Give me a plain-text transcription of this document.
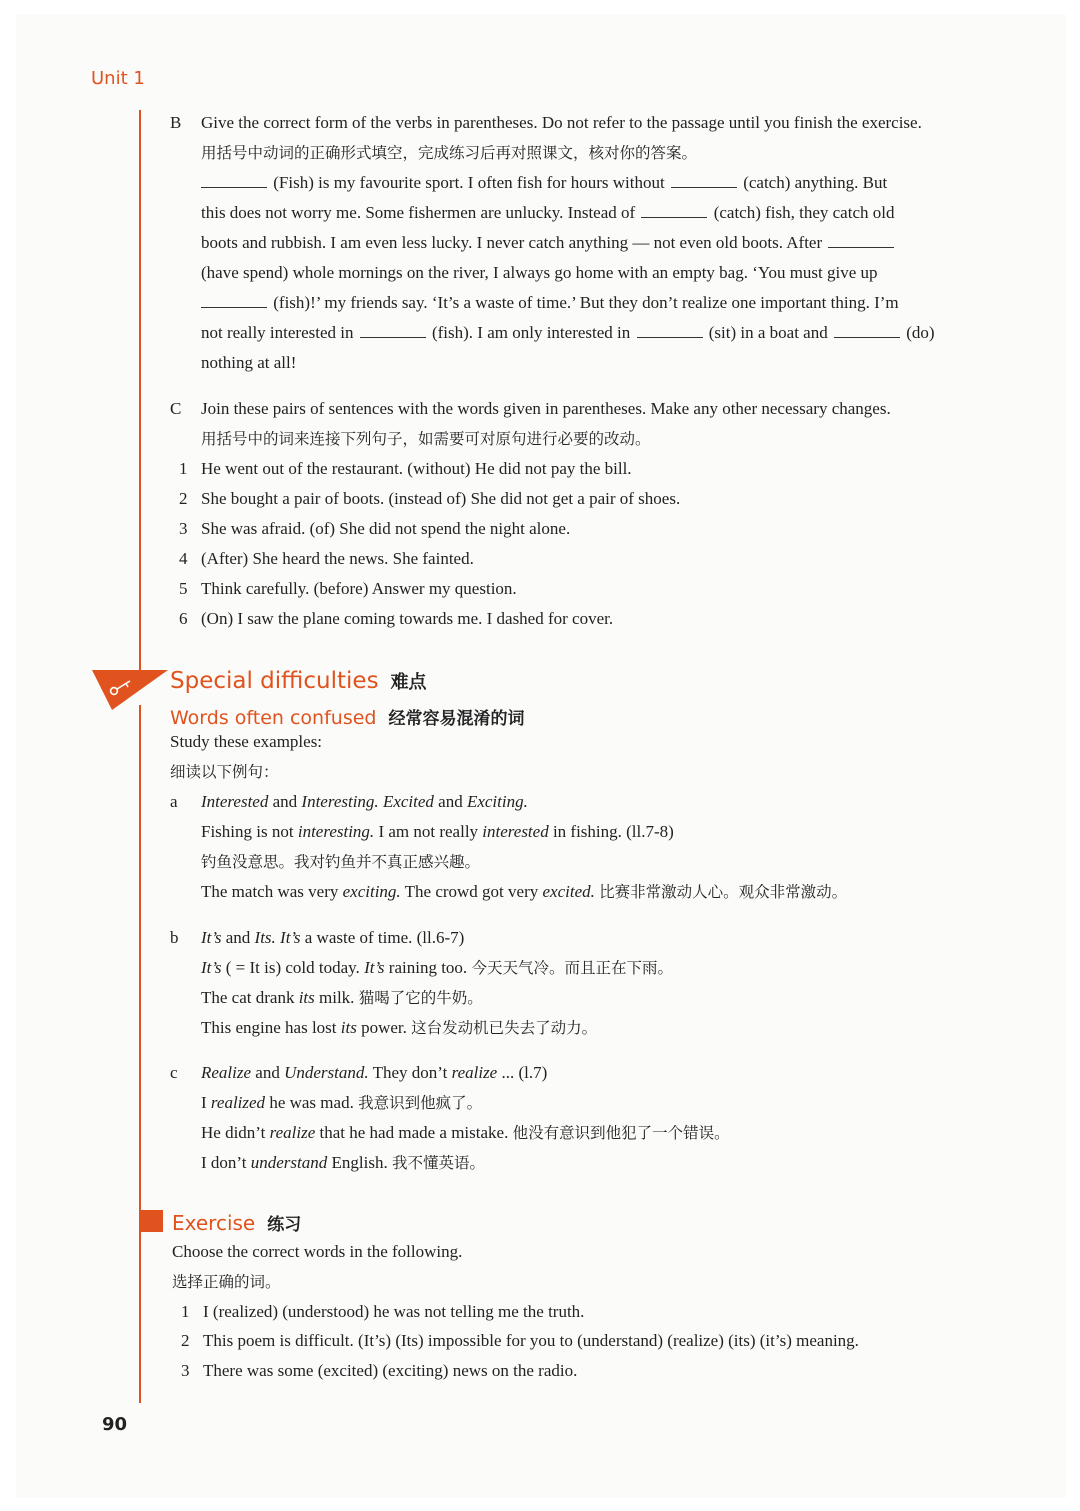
Unit 1
B Give the correct form of the verbs in parentheses. Do not refer to the passage until you finish the exercise.
用括号中动词的正确形式填空，完成练习后再对照课文，核对你的答案。
(Fish) is my favourite sport. I often fish for hours without	(catch) anything. But
this does not worry me. Some fishermen are unlucky. Instead of	(catch) fish, they catch old
boots and rubbish. I am even less lucky. I never catch anything — not even old boots. After
(have spend) whole mornings on the river, I always go home with an empty bag. ‘You must give up
(fish)!’ my friends say. ‘It’s a waste of time.’ But they don’t realize one important thing. I’m
not really interested in	(fish). I am only interested in	(sit) in a boat and	(do)
nothing at all!
C Join these pairs of sentences with the words given in parentheses. Make any other necessary changes.
用括号中的词来连接下列句子，如需要可对原句进行必要的改动。
1 He went out of the restaurant. (without) He did not pay the bill.
2 She bought a pair of boots. (instead of) She did not get a pair of shoes.
3 She was afraid. (of) She did not spend the night alone.
4 (After) She heard the news. She fainted.
5 Think carefully. (before) Answer my question.
6 (On) I saw the plane coming towards me. I dashed for cover.
Special difficulties 难点
Words often confused 经常容易混淆的词
Study these examples:
细读以下例句：
a Interested and Interesting. Excited and Exciting.
Fishing is not interesting. I am not really interested in fishing. (ll.7-8)
钓鱼没意思。我对钓鱼并不真正感兴趣。
The match was very exciting. The crowd got very excited. 比赛非常激动人心。观众非常激动。
b It’s and Its. It’s a waste of time. (ll.6-7)
It’s ( = It is) cold today. It’s raining too. 今天天气冷。而且正在下雨。
The cat drank its milk. 猫喝了它的牛奶。
This engine has lost its power. 这台发动机已失去了动力。
c Realize and Understand. They don’t realize ... (l.7)
I realized he was mad. 我意识到他疯了。
He didn’t realize that he had made a mistake. 他没有意识到他犯了一个错误。
I don’t understand English. 我不懂英语。
Exercise 练习
Choose the correct words in the following.
选择正确的词。
1 I (realized) (understood) he was not telling me the truth.
2 This poem is difficult. (It’s) (Its) impossible for you to (understand) (realize) (its) (it’s) meaning.
3 There was some (excited) (exciting) news on the radio.
90
